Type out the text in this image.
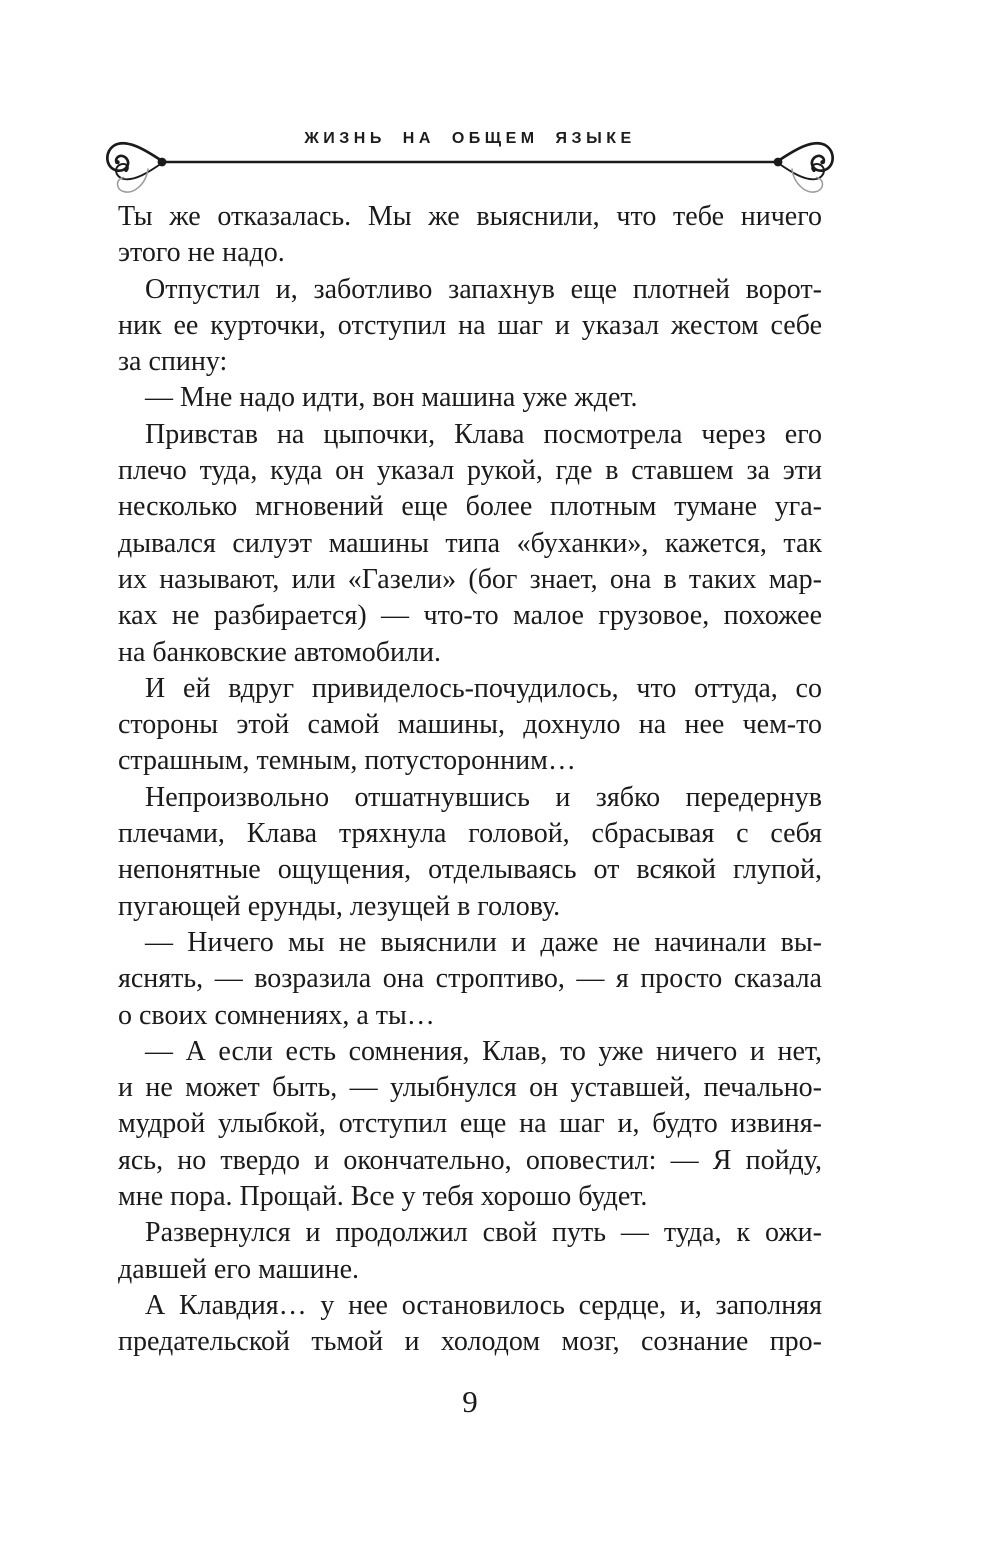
ЖИЗНЬ НА ОБЩЕМ ЯЗЫКЕ
Ты же отказалась. Мы же выяснили, что тебе ничего
этого не надо.
Отпустил и, заботливо запахнув еще плотней ворот-
ник ее курточки, отступил на шаг и указал жестом себе
за спину:
— Мне надо идти, вон машина уже ждет.
Привстав на цыпочки, Клава посмотрела через его
плечо туда, куда он указал рукой, где в ставшем за эти
несколько мгновений еще более плотным тумане уга-
дывался силуэт машины типа «буханки», кажется, так
их называют, или «Газели» (бог знает, она в таких мар-
ках не разбирается) — что-то малое грузовое, похожее
на банковские автомобили.
И ей вдруг привиделось-почудилось, что оттуда, со
стороны этой самой машины, дохнуло на нее чем-то
страшным, темным, потусторонним…
Непроизвольно отшатнувшись и зябко передернув
плечами, Клава тряхнула головой, сбрасывая с себя
непонятные ощущения, отделываясь от всякой глупой,
пугающей ерунды, лезущей в голову.
— Ничего мы не выяснили и даже не начинали вы-
яснять, — возразила она строптиво, — я просто сказала
о своих сомнениях, а ты…
— А если есть сомнения, Клав, то уже ничего и нет,
и не может быть, — улыбнулся он уставшей, печально-
мудрой улыбкой, отступил еще на шаг и, будто извиня-
ясь, но твердо и окончательно, оповестил: — Я пойду,
мне пора. Прощай. Все у тебя хорошо будет.
Развернулся и продолжил свой путь — туда, к ожи-
давшей его машине.
А Клавдия… у нее остановилось сердце, и, заполняя
предательской тьмой и холодом мозг, сознание про-
9
